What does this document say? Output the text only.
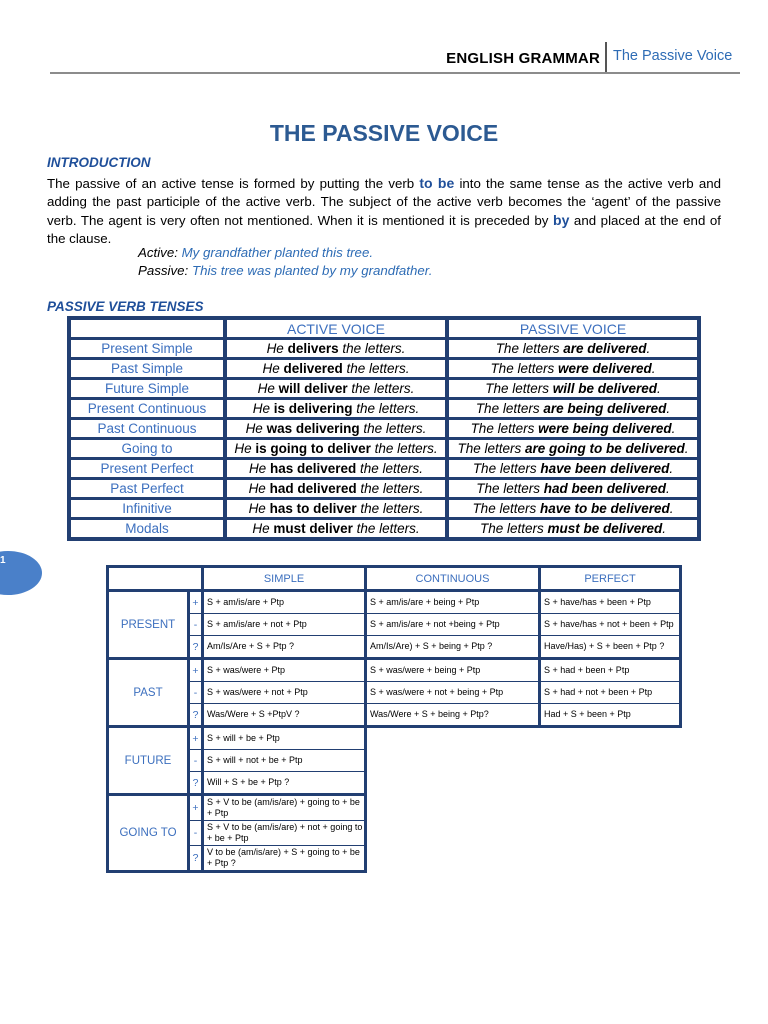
ENGLISH GRAMMAR The Passive Voice
THE PASSIVE VOICE
INTRODUCTION
The passive of an active tense is formed by putting the verb to be into the same tense as the active verb and adding the past participle of the active verb. The subject of the active verb becomes the ‘agent’ of the passive verb. The agent is very often not mentioned. When it is mentioned it is preceded by by and placed at the end of the clause.
Active: My grandfather planted this tree.
Passive: This tree was planted by my grandfather.
PASSIVE VERB TENSES
	ACTIVE VOICE	PASSIVE VOICE
Present Simple	He delivers the letters.	The letters are delivered.
Past Simple	He delivered the letters.	The letters were delivered.
Future Simple	He will deliver the letters.	The letters will be delivered.
Present Continuous	He is delivering the letters.	The letters are being delivered.
Past Continuous	He was delivering the letters.	The letters were being delivered.
Going to	He is going to deliver the letters.	The letters are going to be delivered.
Present Perfect	He has delivered the letters.	The letters have been delivered.
Past Perfect	He had delivered the letters.	The letters had been delivered.
Infinitive	He has to deliver the letters.	The letters have to be delivered.
Modals	He must deliver the letters.	The letters must be delivered.
1
		SIMPLE	CONTINUOUS	PERFECT
PRESENT	+	S + am/is/are + Ptp	S + am/is/are + being + Ptp	S + have/has + been + Ptp
	-	S + am/is/are + not + Ptp	S + am/is/are + not +being + Ptp	S + have/has + not + been + Ptp
	?	Am/Is/Are + S + Ptp ?	Am/Is/Are) + S + being + Ptp ?	Have/Has) + S + been + Ptp ?
PAST	+	S + was/were + Ptp	S + was/were + being + Ptp	S + had + been + Ptp
	-	S + was/were + not + Ptp	S + was/were + not + being + Ptp	S + had + not + been + Ptp
	?	Was/Were + S +PtpV ?	Was/Were + S + being + Ptp?	Had + S + been + Ptp
FUTURE	+	S + will + be + Ptp		
	-	S + will + not + be + Ptp		
	?	Will + S + be + Ptp ?		
GOING TO	+	S + V to be (am/is/are) + going to + be + Ptp		
	-	S + V to be (am/is/are) + not + going to + be + Ptp		
	?	V to be (am/is/are) + S + going to + be + Ptp ?		
